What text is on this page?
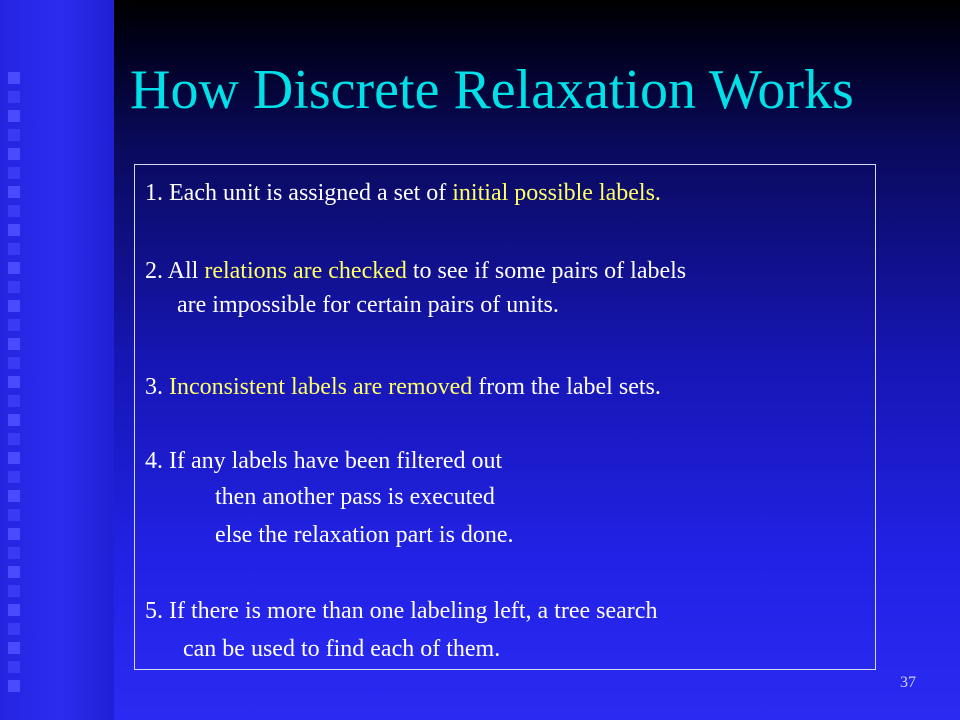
How Discrete Relaxation Works
1. Each unit is assigned a set of initial possible labels.
2. All relations are checked to see if some pairs of labels
are impossible for certain pairs of units.
3. Inconsistent labels are removed from the label sets.
4. If any labels have been filtered out
then another pass is executed
else the relaxation part is done.
5. If there is more than one labeling left, a tree search
can be used to find each of them.
37
